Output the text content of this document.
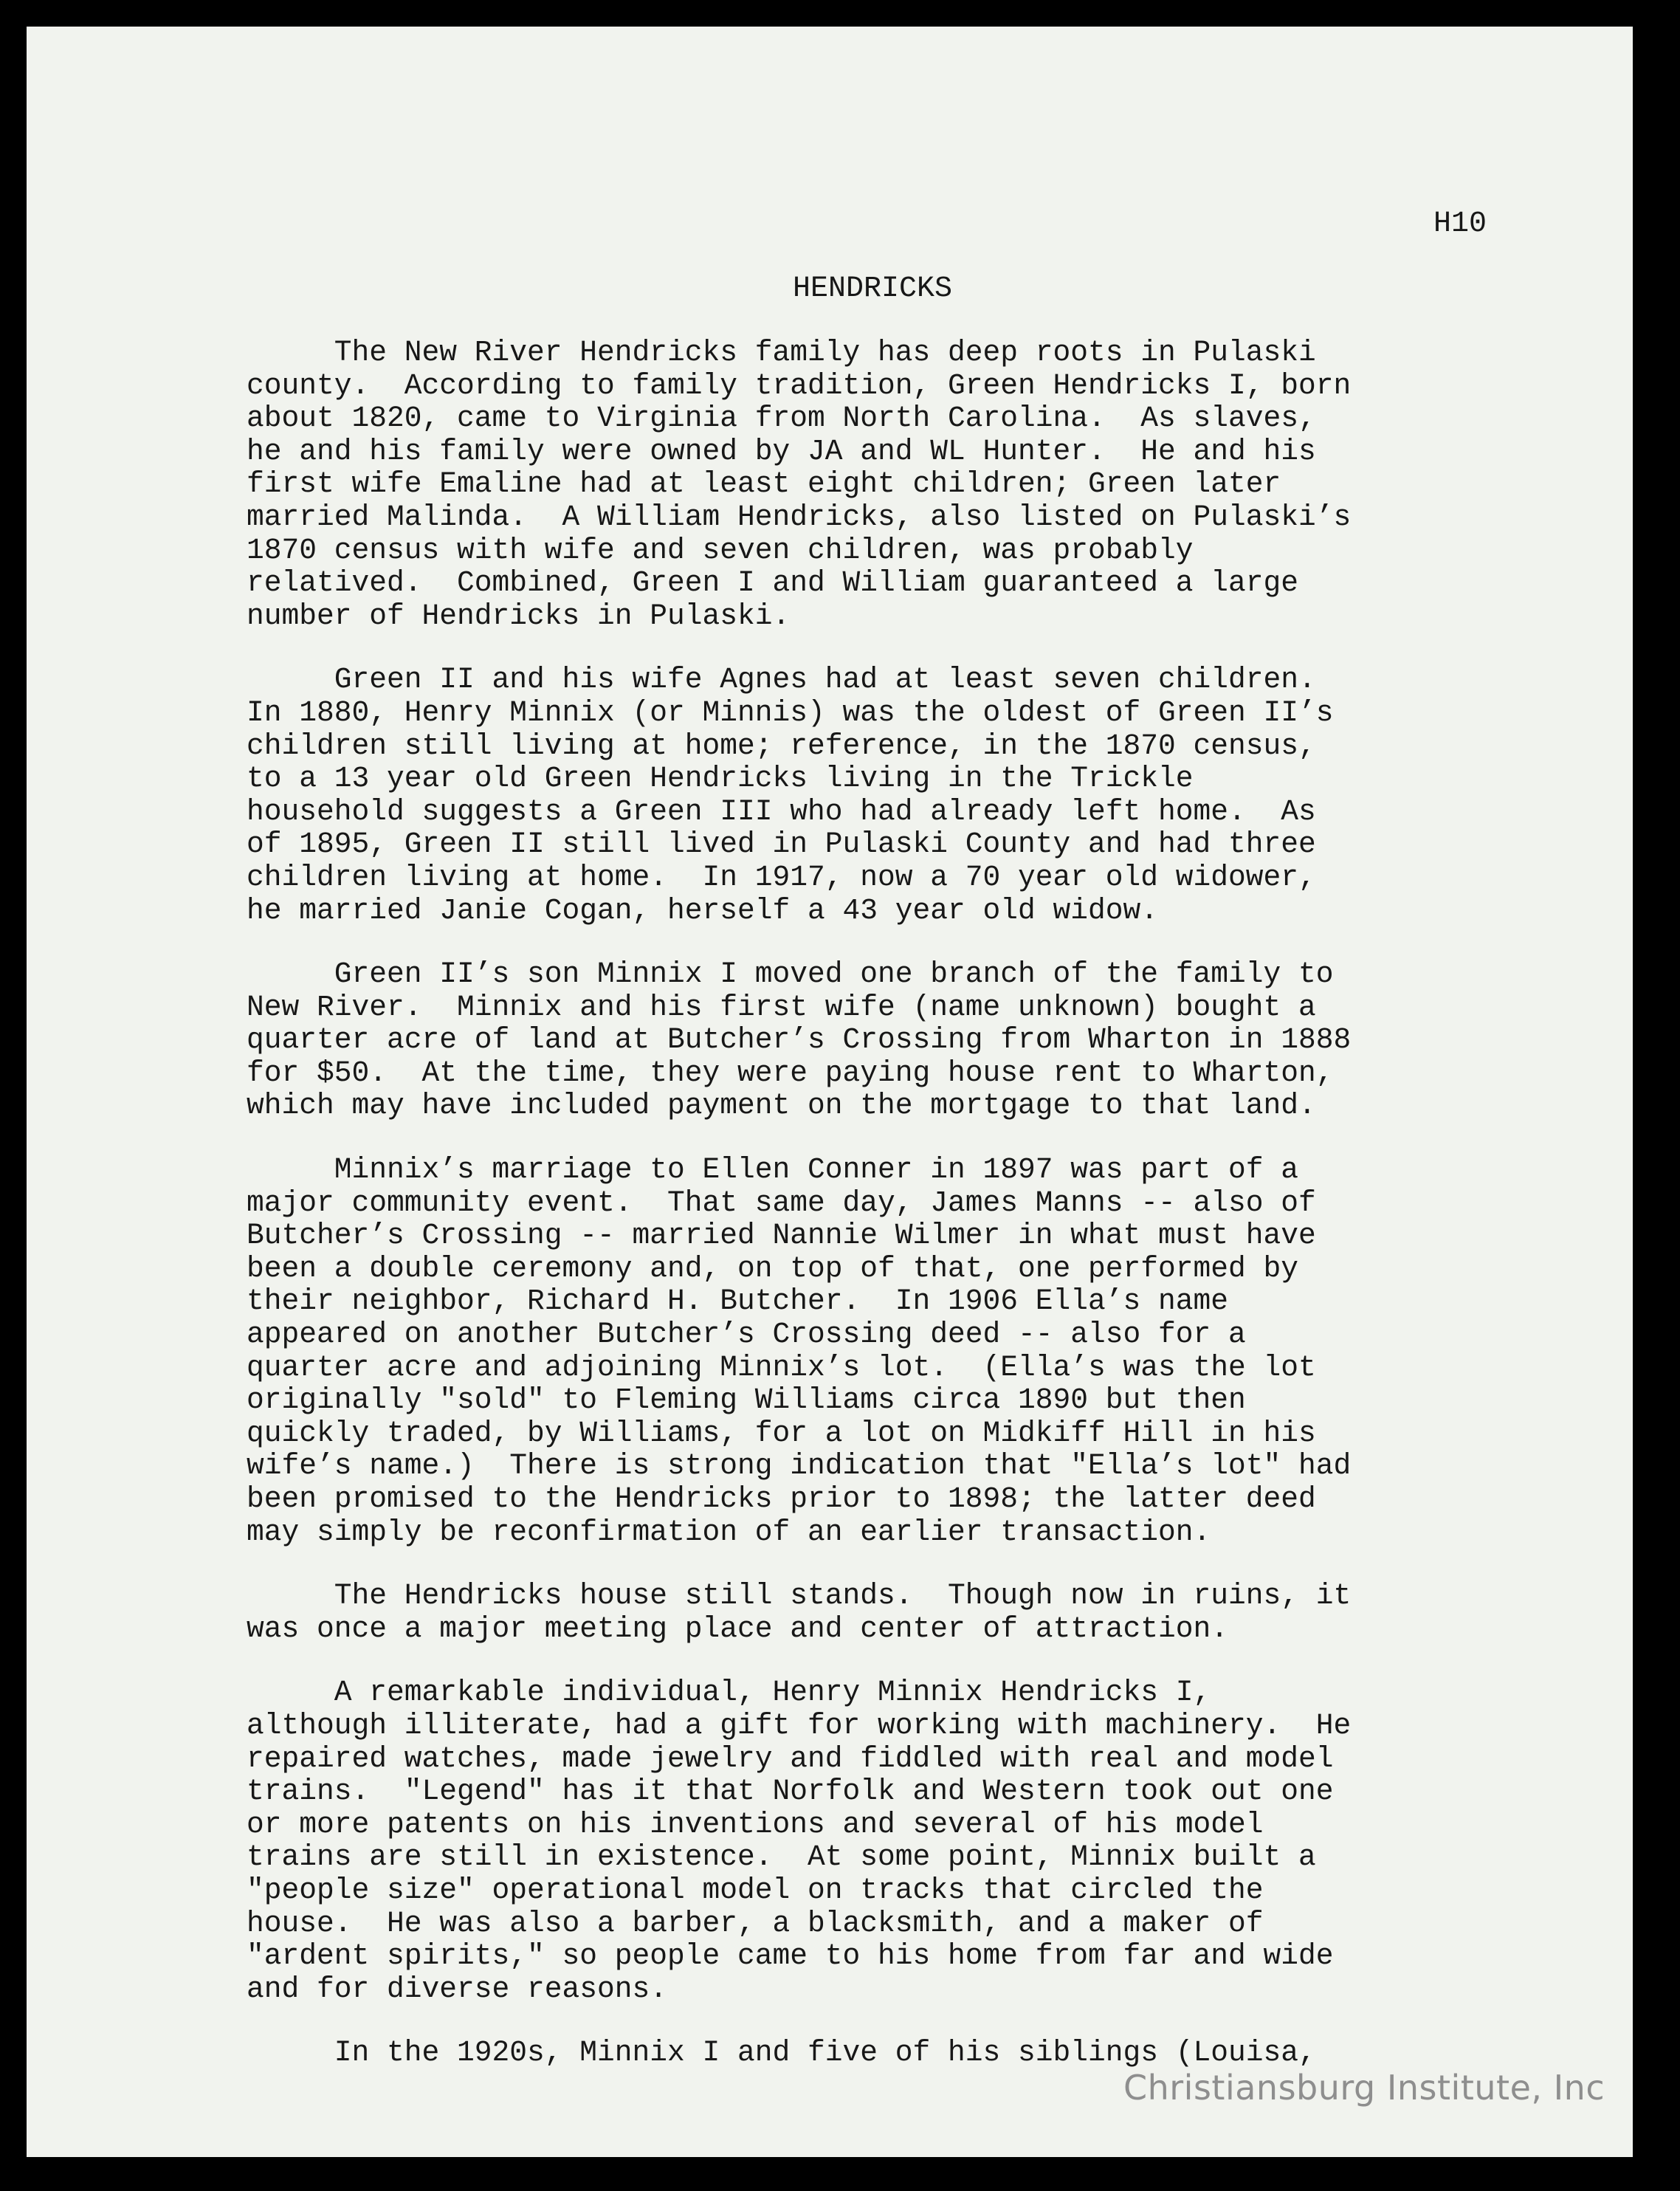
H10
HENDRICKS
The New River Hendricks family has deep roots in Pulaski
county.  According to family tradition, Green Hendricks I, born
about 1820, came to Virginia from North Carolina.  As slaves,
he and his family were owned by JA and WL Hunter.  He and his
first wife Emaline had at least eight children; Green later
married Malinda.  A William Hendricks, also listed on Pulaski’s
1870 census with wife and seven children, was probably
relatived.  Combined, Green I and William guaranteed a large
number of Hendricks in Pulaski.
Green II and his wife Agnes had at least seven children.
In 1880, Henry Minnix (or Minnis) was the oldest of Green II’s
children still living at home; reference, in the 1870 census,
to a 13 year old Green Hendricks living in the Trickle
household suggests a Green III who had already left home.  As
of 1895, Green II still lived in Pulaski County and had three
children living at home.  In 1917, now a 70 year old widower,
he married Janie Cogan, herself a 43 year old widow.
Green II’s son Minnix I moved one branch of the family to
New River.  Minnix and his first wife (name unknown) bought a
quarter acre of land at Butcher’s Crossing from Wharton in 1888
for $50.  At the time, they were paying house rent to Wharton,
which may have included payment on the mortgage to that land.
Minnix’s marriage to Ellen Conner in 1897 was part of a
major community event.  That same day, James Manns -- also of
Butcher’s Crossing -- married Nannie Wilmer in what must have
been a double ceremony and, on top of that, one performed by
their neighbor, Richard H. Butcher.  In 1906 Ella’s name
appeared on another Butcher’s Crossing deed -- also for a
quarter acre and adjoining Minnix’s lot.  (Ella’s was the lot
originally "sold" to Fleming Williams circa 1890 but then
quickly traded, by Williams, for a lot on Midkiff Hill in his
wife’s name.)  There is strong indication that "Ella’s lot" had
been promised to the Hendricks prior to 1898; the latter deed
may simply be reconfirmation of an earlier transaction.
The Hendricks house still stands.  Though now in ruins, it
was once a major meeting place and center of attraction.
A remarkable individual, Henry Minnix Hendricks I,
although illiterate, had a gift for working with machinery.  He
repaired watches, made jewelry and fiddled with real and model
trains.  "Legend" has it that Norfolk and Western took out one
or more patents on his inventions and several of his model
trains are still in existence.  At some point, Minnix built a
"people size" operational model on tracks that circled the
house.  He was also a barber, a blacksmith, and a maker of
"ardent spirits," so people came to his home from far and wide
and for diverse reasons.
In the 1920s, Minnix I and five of his siblings (Louisa,
Christiansburg Institute, Inc
